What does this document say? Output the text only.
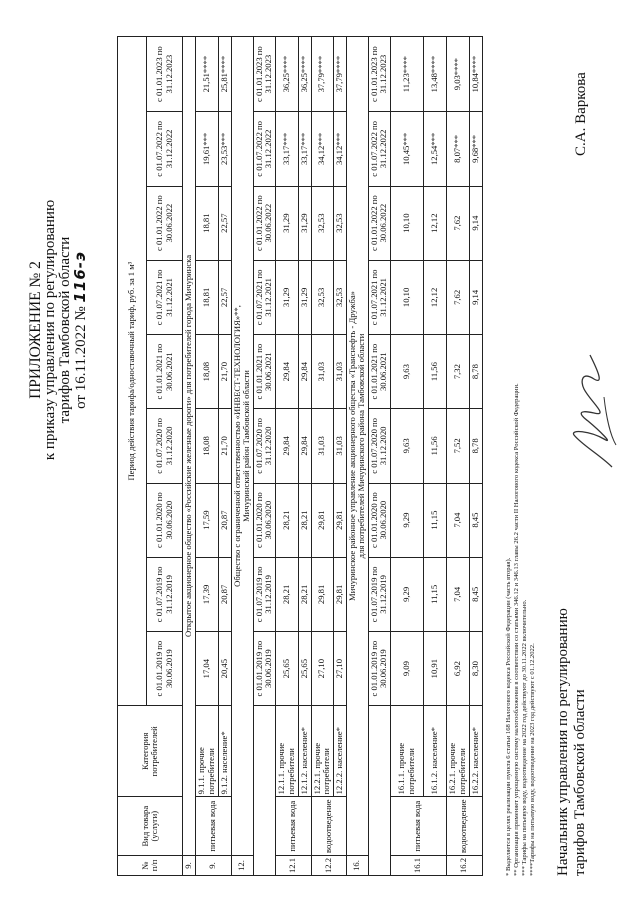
ПРИЛОЖЕНИЕ № 2
к приказу управления по регулированию тарифов Тамбовской области от 16.11.2022 № 116-э
№ п/п	Вид товара (услуги)	Категория потребителей	Период действия тарифа/одноставочный тариф, руб. за 1 м³								
			с 01.01.2019 по 30.06.2019	с 01.07.2019 по 31.12.2019	с 01.01.2020 по 30.06.2020	с 01.07.2020 по 31.12.2020	с 01.01.2021 по 30.06.2021	с 01.07.2021 по 31.12.2021	с 01.01.2022 по 30.06.2022	с 01.07.2022 по 31.12.2022	с 01.01.2023 по 31.12.2023
9.	Открытое акционерное общество «Российские железные дороги» для потребителей города Мичуринска										

9.	питьевая вода	9.1.1. прочие потребители	17,04	17,39	17,59	18,08	18,08	18,81	18,81	19,61***	21,51****
		9.1.2. население*	20,45	20,87	20,87	21,70	21,70	22,57	22,57	23,53***	25,81****
12.	Общество с ограниченной ответственностью «ИНВЕСТ-ТЕХНОЛОГИЯ»**, Мичуринский район Тамбовской области										

			с 01.01.2019 по 30.06.2019	с 01.07.2019 по 31.12.2019	с 01.01.2020 по 30.06.2020	с 01.07.2020 по 31.12.2020	с 01.01.2021 по 30.06.2021	с 01.07.2021 по 31.12.2021	с 01.01.2022 по 30.06.2022	с 01.07.2022 по 31.12.2022	с 01.01.2023 по 31.12.2023
12.1	питьевая вода	12.1.1. прочие потребители	25,65	28,21	28,21	29,84	29,84	31,29	31,29	33,17***	36,25****
		12.1.2. население*	25,65	28,21	28,21	29,84	29,84	31,29	31,29	33,17***	36,25****
12.2	водоотведение	12.2.1. прочие потребители	27,10	29,81	29,81	31,03	31,03	32,53	32,53	34,12***	37,79****
		12.2.2. население*	27,10	29,81	29,81	31,03	31,03	32,53	32,53	34,12***	37,79****
16.	Мичуринское районное управление акционерного общества «Транснефть - Дружба» для потребителей Мичуринского района Тамбовской области										

			с 01.01.2019 по 30.06.2019	с 01.07.2019 по 31.12.2019	с 01.01.2020 по 30.06.2020	с 01.07.2020 по 31.12.2020	с 01.01.2021 по 30.06.2021	с 01.07.2021 по 31.12.2021	с 01.01.2022 по 30.06.2022	с 01.07.2022 по 31.12.2022	с 01.01.2023 по 31.12.2023
16.1	питьевая вода	16.1.1. прочие потребители	9,09	9,29	9,29	9,63	9,63	10,10	10,10	10,45***	11,23****
		16.1.2. население*	10,91	11,15	11,15	11,56	11,56	12,12	12,12	12,54***	13,48****
16.2	водоотведение	16.2.1. прочие потребители	6,92	7,04	7,04	7,52	7,32	7,62	7,62	8,07***	9,03****
		16.2.2. население*	8,30	8,45	8,45	8,78	8,78	9,14	9,14	9,68***	10,84****
* Выделяется в целях реализации пункта 6 статьи 168 Налогового кодекса Российской Федерации (часть вторая). ** Организация применяет упрощенную систему налогообложения в соответствии со статьями 346.12 и 346.13 главы 26.2 части II Налогового кодекса Российской Федерации. *** Тарифы на питьевую воду, водоотведение на 2022 год действуют до 30.11.2022 включительно. ****Тарифы на питьевую воду, водоотведение на 2023 год действуют с 01.12.2022. Начальник управления по регулированию тарифов Тамбовской области
С.А. Варкова
